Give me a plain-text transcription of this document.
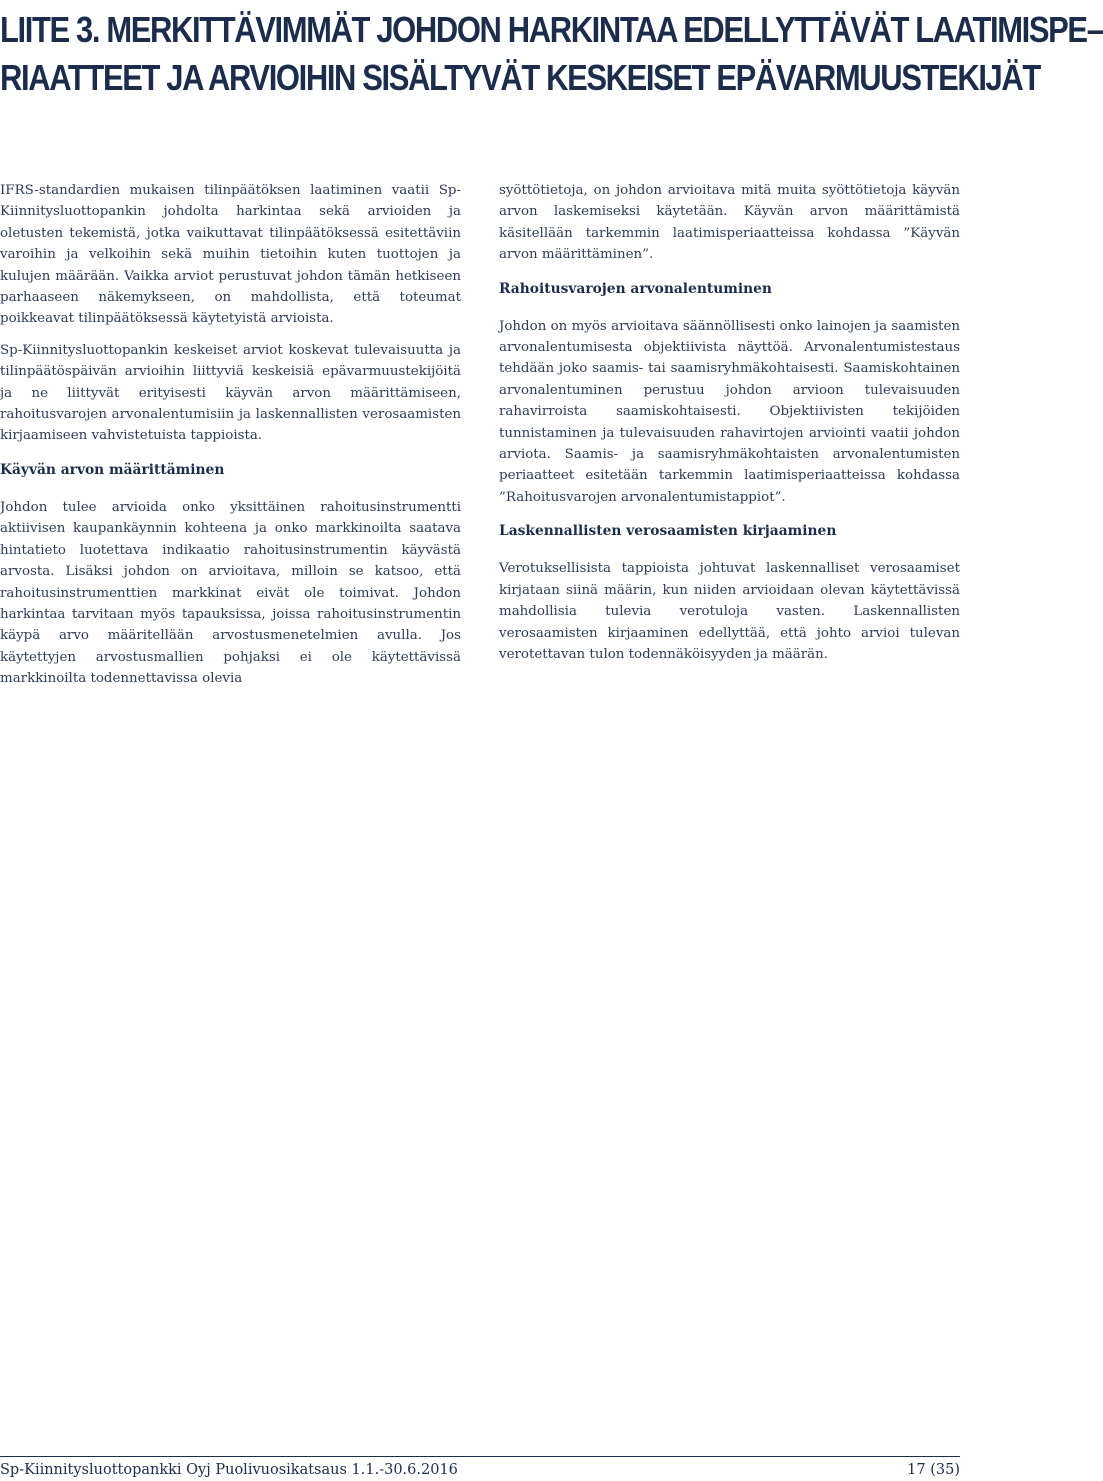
LIITE 3. MERKITTÄVIMMÄT JOHDON HARKINTAA EDELLYTTÄVÄT LAATIMISPE–
RIAATTEET JA ARVIOIHIN SISÄLTYVÄT KESKEISET EPÄVARMUUSTEKIJÄT

IFRS-standardien mukaisen tilinpäätöksen laatiminen vaatii Sp-Kiinnitysluottopankin johdolta harkintaa sekä arvioiden ja oletusten tekemistä, jotka vaikuttavat tilinpäätöksessä esitettäviin varoihin ja velkoihin sekä muihin tietoihin kuten tuottojen ja kulujen määrään. Vaikka arviot perustuvat johdon tämän hetkiseen parhaaseen näkemykseen, on mahdollista, että toteumat poikkeavat tilinpäätöksessä käytetyistä arvioista.

Sp-Kiinnitysluottopankin keskeiset arviot koskevat tulevaisuutta ja tilinpäätöspäivän arvioihin liittyviä keskeisiä epävarmuustekijöitä ja ne liittyvät erityisesti käyvän arvon määrittämiseen, rahoitusvarojen arvonalentumisiin ja laskennallisten verosaamisten kirjaamiseen vahvistetuista tappioista.

Käyvän arvon määrittäminen

Johdon tulee arvioida onko yksittäinen rahoitusinstrumentti aktiivisen kaupankäynnin kohteena ja onko markkinoilta saatava hintatieto luotettava indikaatio rahoitusinstrumentin käyvästä arvosta. Lisäksi johdon on arvioitava, milloin se katsoo, että rahoitusinstrumenttien markkinat eivät ole toimivat. Johdon harkintaa tarvitaan myös tapauksissa, joissa rahoitusinstrumentin käypä arvo määritellään arvostusmenetelmien avulla. Jos käytettyjen arvostusmallien pohjaksi ei ole käytettävissä markkinoilta todennettavissa olevia

syöttötietoja, on johdon arvioitava mitä muita syöttötietoja käyvän arvon laskemiseksi käytetään. Käyvän arvon määrittämistä käsitellään tarkemmin laatimisperiaatteissa kohdassa ”Käyvän arvon määrittäminen”.

Rahoitusvarojen arvonalentuminen

Johdon on myös arvioitava säännöllisesti onko lainojen ja saamisten arvonalentumisesta objektiivista näyttöä. Arvonalentumistestaus tehdään joko saamis- tai saamisryhmäkohtaisesti. Saamiskohtainen arvonalentuminen perustuu johdon arvioon tulevaisuuden rahavirroista saamiskohtaisesti. Objektiivisten tekijöiden tunnistaminen ja tulevaisuuden rahavirtojen arviointi vaatii johdon arviota. Saamis- ja saamisryhmäkohtaisten arvonalentumisten periaatteet esitetään tarkemmin laatimisperiaatteissa kohdassa ”Rahoitusvarojen arvonalentumistappiot”.

Laskennallisten verosaamisten kirjaaminen

Verotuksellisista tappioista johtuvat laskennalliset verosaamiset kirjataan siinä määrin, kun niiden arvioidaan olevan käytettävissä mahdollisia tulevia verotuloja vasten. Laskennallisten verosaamisten kirjaaminen edellyttää, että johto arvioi tulevan verotettavan tulon todennäköisyyden ja määrän.

Sp-Kiinnitysluottopankki Oyj Puolivuosikatsaus 1.1.-30.6.2016	17 (35)
